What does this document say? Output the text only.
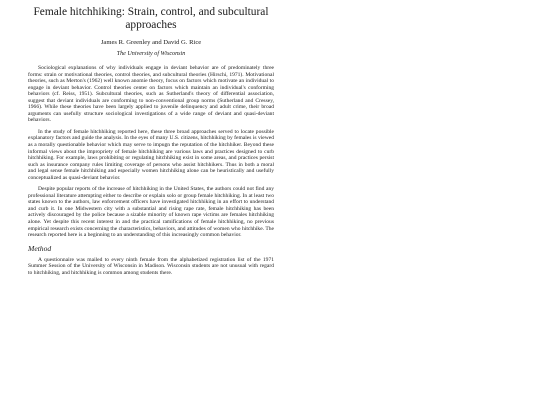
Female hitchhiking: Strain, control, and subcultural approaches
James R. Greenley and David G. Rice
The University of Wisconsin

Sociological explanations of why individuals engage in deviant behavior are of predominately three forms: strain or motivational theories, control theories, and subcultural theories (Hirschi, 1971). Motivational theories, such as Merton's (1962) well known anomie theory, focus on factors which motivate an individual to engage in deviant behavior. Control theories center on factors which maintain an individual's conforming behaviors (cf. Reiss, 1951). Subcultural theories, such as Sutherland's theory of differential association, suggest that deviant individuals are conforming to non-conventional group norms (Sutherland and Cressey, 1966). While these theories have been largely applied to juvenile delinquency and adult crime, their broad arguments can usefully structure sociological investigations of a wide range of deviant and quasi-deviant behaviors.

In the study of female hitchhiking reported here, these three broad approaches served to locate possible explanatory factors and guide the analysis. In the eyes of many U.S. citizens, hitchhiking by females is viewed as a morally questionable behavior which may serve to impugn the reputation of the hitchhiker. Beyond these informal views about the impropriety of female hitchhiking are various laws and practices designed to curb hitchhiking. For example, laws prohibiting or regulating hitchhiking exist in some areas, and practices persist such as insurance company rules limiting coverage of persons who assist hitchhikers. Thus in both a moral and legal sense female hitchhiking and especially women hitchhiking alone can be heuristically and usefully conceptualized as quasi-deviant behavior.

Despite popular reports of the increase of hitchhiking in the United States, the authors could not find any professional literature attempting either to describe or explain solo or group female hitchhiking. In at least two states known to the authors, law enforcement officers have investigated hitchhiking in an effort to understand and curb it. In one Midwestern city with a substantial and rising rape rate, female hitchhiking has been actively discouraged by the police because a sizable minority of known rape victims are females hitchhiking alone. Yet despite this recent interest in and the practical ramifications of female hitchhiking, no previous empirical research exists concerning the characteristics, behaviors, and attitudes of women who hitchhike. The research reported here is a beginning to an understanding of this increasingly common behavior.

Method

A questionnaire was mailed to every ninth female from the alphabetized registration list of the 1971 Summer Session of the University of Wisconsin in Madison. Wisconsin students are not unusual with regard to hitchhiking, and hitchhiking is common among students there.
